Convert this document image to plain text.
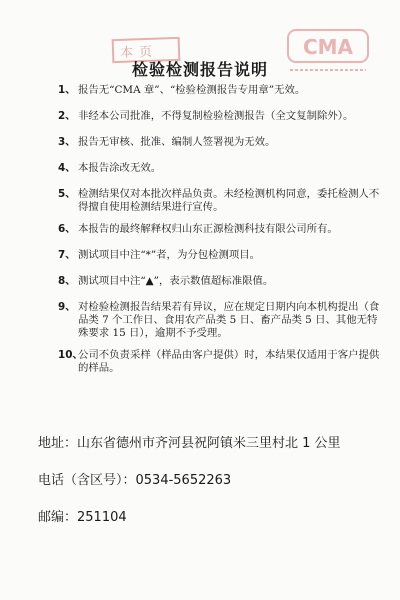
本页	CMA
检验检测报告说明
1、 报告无“CMA 章”、“检验检测报告专用章”无效。
2、 非经本公司批准，不得复制检验检测报告（全文复制除外）。
3、 报告无审核、批准、编制人签署视为无效。
4、 本报告涂改无效。
5、 检测结果仅对本批次样品负责。未经检测机构同意，委托检测人不得擅自使用检测结果进行宣传。
6、 本报告的最终解释权归山东正源检测科技有限公司所有。
7、 测试项目中注“*”者，为分包检测项目。
8、 测试项目中注“▲”，表示数值超标准限值。
9、 对检验检测报告结果若有异议，应在规定日期内向本机构提出（食品类 7 个工作日、食用农产品类 5 日、畜产品类 5 日、其他无特殊要求 15 日），逾期不予受理。
10、
公司不负责采样（样品由客户提供）时，本结果仅适用于客户提供的样品。
地址：山东省德州市齐河县祝阿镇米三里村北 1 公里
电话（含区号）：0534-5652263
邮编：251104
